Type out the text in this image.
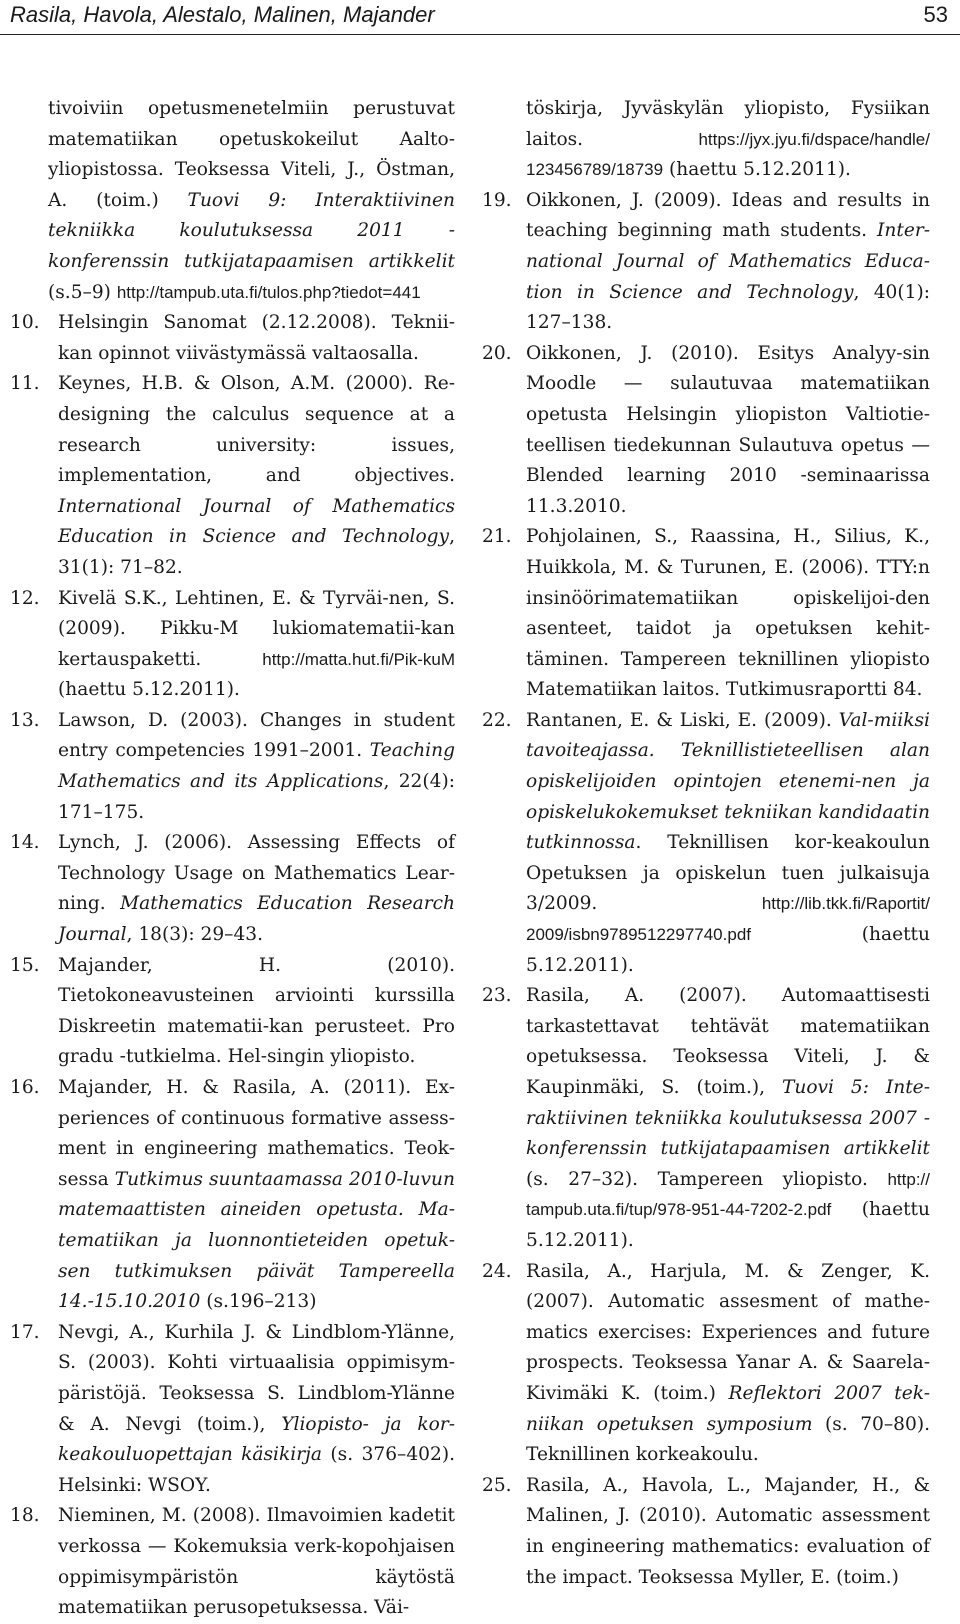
Rasila, Havola, Alestalo, Malinen, Majander	53

tivoiviin opetusmenetelmiin perustuvat matematiikan opetuskokeilut Aalto-yliopistossa. Teoksessa Viteli, J., Östman, A. (toim.) Tuovi 9: Interaktiivinen tekniikka koulutuksessa 2011 -konferenssin tutkijatapaamisen artikkelit (s.5–9) http://tampub.uta.fi/tulos.php?tiedot=441

10. Helsingin Sanomat (2.12.2008). Teknii-kan opinnot viivästymässä valtaosalla.

11. Keynes, H.B. & Olson, A.M. (2000). Re-designing the calculus sequence at a research university: issues, implementation, and objectives. International Journal of Mathematics Education in Science and Technology, 31(1): 71–82.

12. Kivelä S.K., Lehtinen, E. & Tyrväi-nen, S. (2009). Pikku-M lukiomatematii-kan kertauspaketti. http://matta.hut.fi/Pik-kuM (haettu 5.12.2011).

13. Lawson, D. (2003). Changes in student entry competencies 1991–2001. Teaching Mathematics and its Applications, 22(4): 171–175.

14. Lynch, J. (2006). Assessing Effects of Technology Usage on Mathematics Lear-ning. Mathematics Education Research Journal, 18(3): 29–43.

15. Majander, H. (2010). Tietokoneavusteinen arviointi kurssilla Diskreetin matematii-kan perusteet. Pro gradu -tutkielma. Hel-singin yliopisto.

16. Majander, H. & Rasila, A. (2011). Ex-periences of continuous formative assess-ment in engineering mathematics. Teok-sessa Tutkimus suuntaamassa 2010-luvun matemaattisten aineiden opetusta. Ma-tematiikan ja luonnontieteiden opetuk-sen tutkimuksen päivät Tampereella 14.-15.10.2010 (s.196–213)

17. Nevgi, A., Kurhila J. & Lindblom-Ylänne, S. (2003). Kohti virtuaalisia oppimisym-päristöjä. Teoksessa S. Lindblom-Ylänne & A. Nevgi (toim.), Yliopisto- ja kor-keakouluopettajan käsikirja (s. 376–402). Helsinki: WSOY.

18. Nieminen, M. (2008). Ilmavoimien kadetit verkossa — Kokemuksia verk-kopohjaisen oppimisympäristön käytöstä matematiikan perusopetuksessa. Väi-

töskirja, Jyväskylän yliopisto, Fysiikan laitos. https://jyx.jyu.fi/dspace/handle/ 123456789/18739 (haettu 5.12.2011).

19. Oikkonen, J. (2009). Ideas and results in teaching beginning math students. Inter-national Journal of Mathematics Educa-tion in Science and Technology, 40(1): 127–138.

20. Oikkonen, J. (2010). Esitys Analyy-sin Moodle — sulautuvaa matematiikan opetusta Helsingin yliopiston Valtiotie-teellisen tiedekunnan Sulautuva opetus — Blended learning 2010 -seminaarissa 11.3.2010.

21. Pohjolainen, S., Raassina, H., Silius, K., Huikkola, M. & Turunen, E. (2006). TTY:n insinöörimatematiikan opiskelijoi-den asenteet, taidot ja opetuksen kehit-täminen. Tampereen teknillinen yliopisto Matematiikan laitos. Tutkimusraportti 84.

22. Rantanen, E. & Liski, E. (2009). Val-miiksi tavoiteajassa. Teknillistieteellisen alan opiskelijoiden opintojen etenemi-nen ja opiskelukokemukset tekniikan kandidaatin tutkinnossa. Teknillisen kor-keakoulun Opetuksen ja opiskelun tuen julkaisuja 3/2009. http://lib.tkk.fi/Raportit/ 2009/isbn9789512297740.pdf (haettu 5.12.2011).

23. Rasila, A. (2007). Automaattisesti tarkastettavat tehtävät matematiikan opetuksessa. Teoksessa Viteli, J. & Kaupinmäki, S. (toim.), Tuovi 5: Inte-raktiivinen tekniikka koulutuksessa 2007 -konferenssin tutkijatapaamisen artikkelit (s. 27–32). Tampereen yliopisto. http:// tampub.uta.fi/tup/978-951-44-7202-2.pdf (haettu 5.12.2011).

24. Rasila, A., Harjula, M. & Zenger, K. (2007). Automatic assesment of mathe-matics exercises: Experiences and future prospects. Teoksessa Yanar A. & Saarela-Kivimäki K. (toim.) Reflektori 2007 tek-niikan opetuksen symposium (s. 70–80). Teknillinen korkeakoulu.

25. Rasila, A., Havola, L., Majander, H., & Malinen, J. (2010). Automatic assessment in engineering mathematics: evaluation of the impact. Teoksessa Myller, E. (toim.)
